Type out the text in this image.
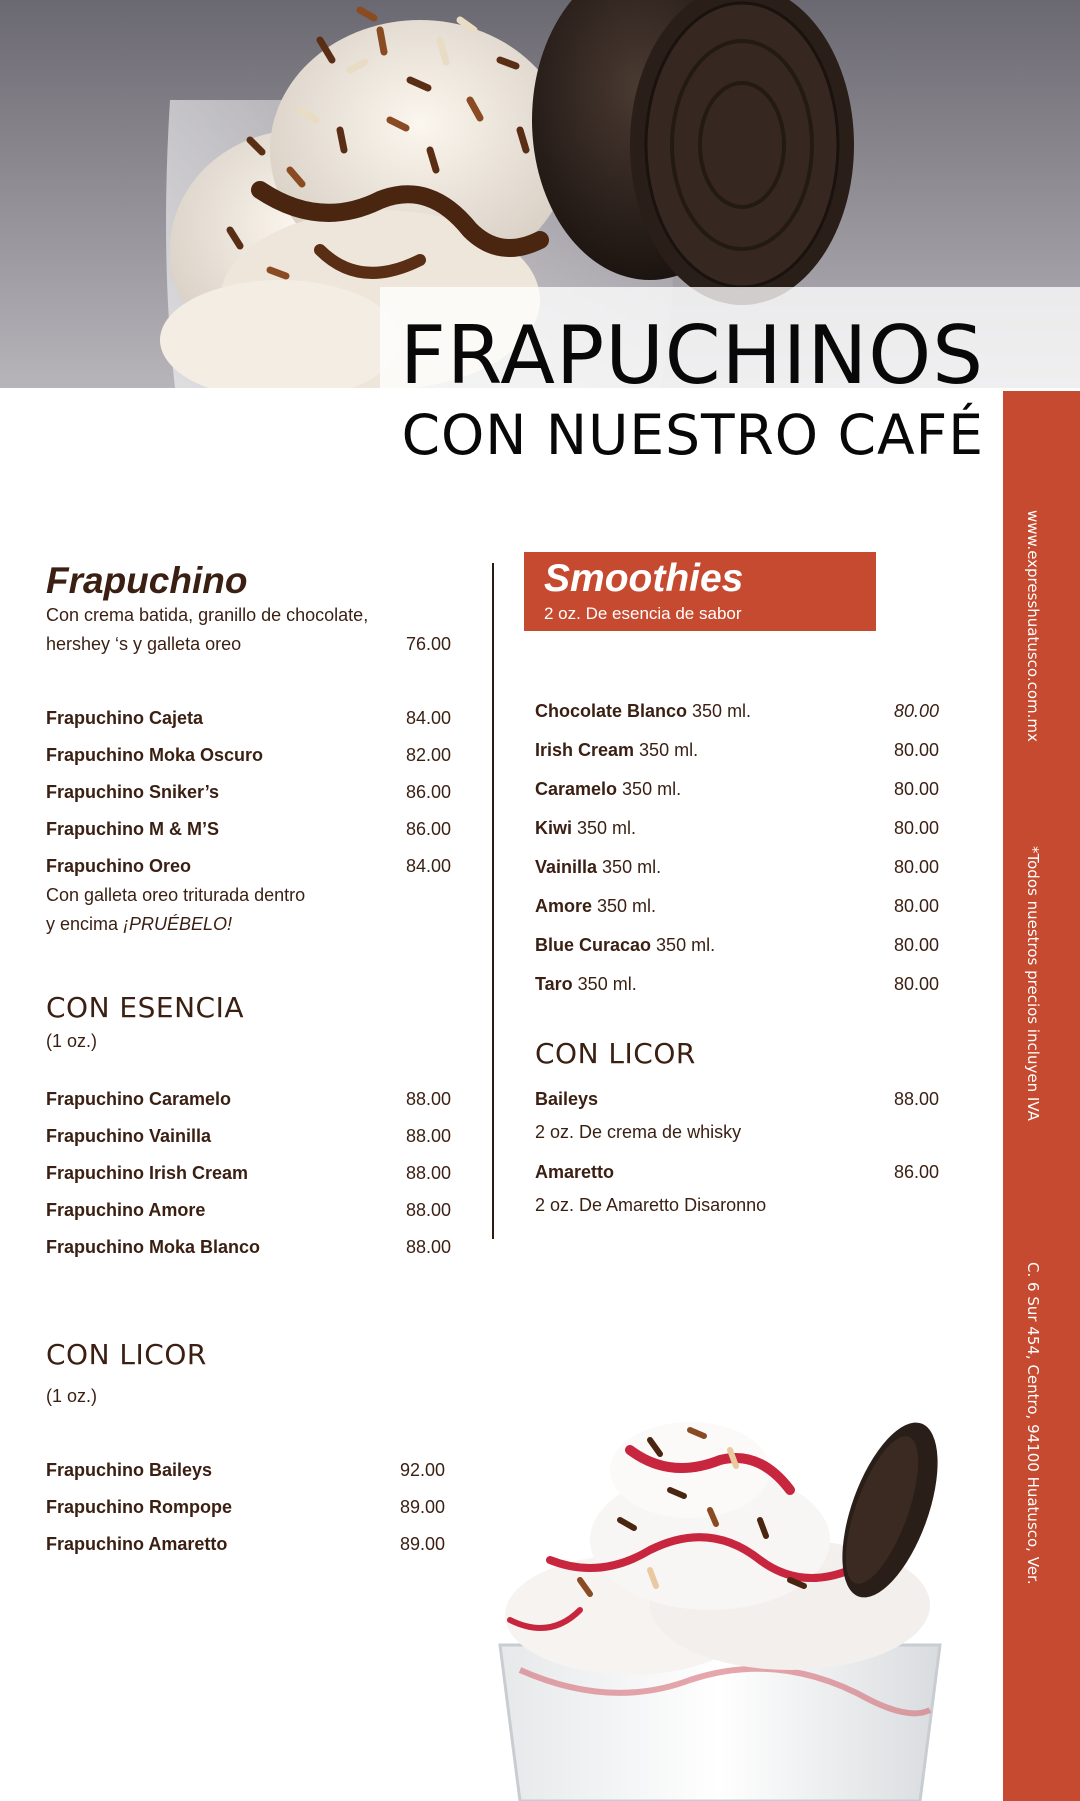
FRAPUCHINOS
CON NUESTRO CAFÉ
www.expresshuatusco.com.mx
*Todos nuestros precios incluyen IVA
C. 6 Sur 454, Centro, 94100 Huatusco, Ver.
Frapuchino
Con crema batida, granillo de chocolate,
hershey ‘s y galleta oreo	76.00
Frapuchino Cajeta	84.00
Frapuchino Moka Oscuro	82.00
Frapuchino Sniker’s	86.00
Frapuchino M & M’S	86.00
Frapuchino Oreo	84.00
Con galleta oreo triturada dentro
y encima ¡PRUÉBELO!
CON ESENCIA
(1 oz.)
Frapuchino Caramelo	88.00
Frapuchino Vainilla	88.00
Frapuchino Irish Cream	88.00
Frapuchino Amore	88.00
Frapuchino Moka Blanco	88.00
CON LICOR
(1 oz.)
Frapuchino Baileys	92.00
Frapuchino Rompope	89.00
Frapuchino Amaretto	89.00
Smoothies
2 oz. De esencia de sabor
Chocolate Blanco 350 ml.	80.00
Irish Cream 350 ml.	80.00
Caramelo 350 ml.	80.00
Kiwi 350 ml.	80.00
Vainilla 350 ml.	80.00
Amore 350 ml.	80.00
Blue Curacao 350 ml.	80.00
Taro 350 ml.	80.00
CON LICOR
Baileys	88.00
2 oz. De crema de whisky
Amaretto	86.00
2 oz. De Amaretto Disaronno
